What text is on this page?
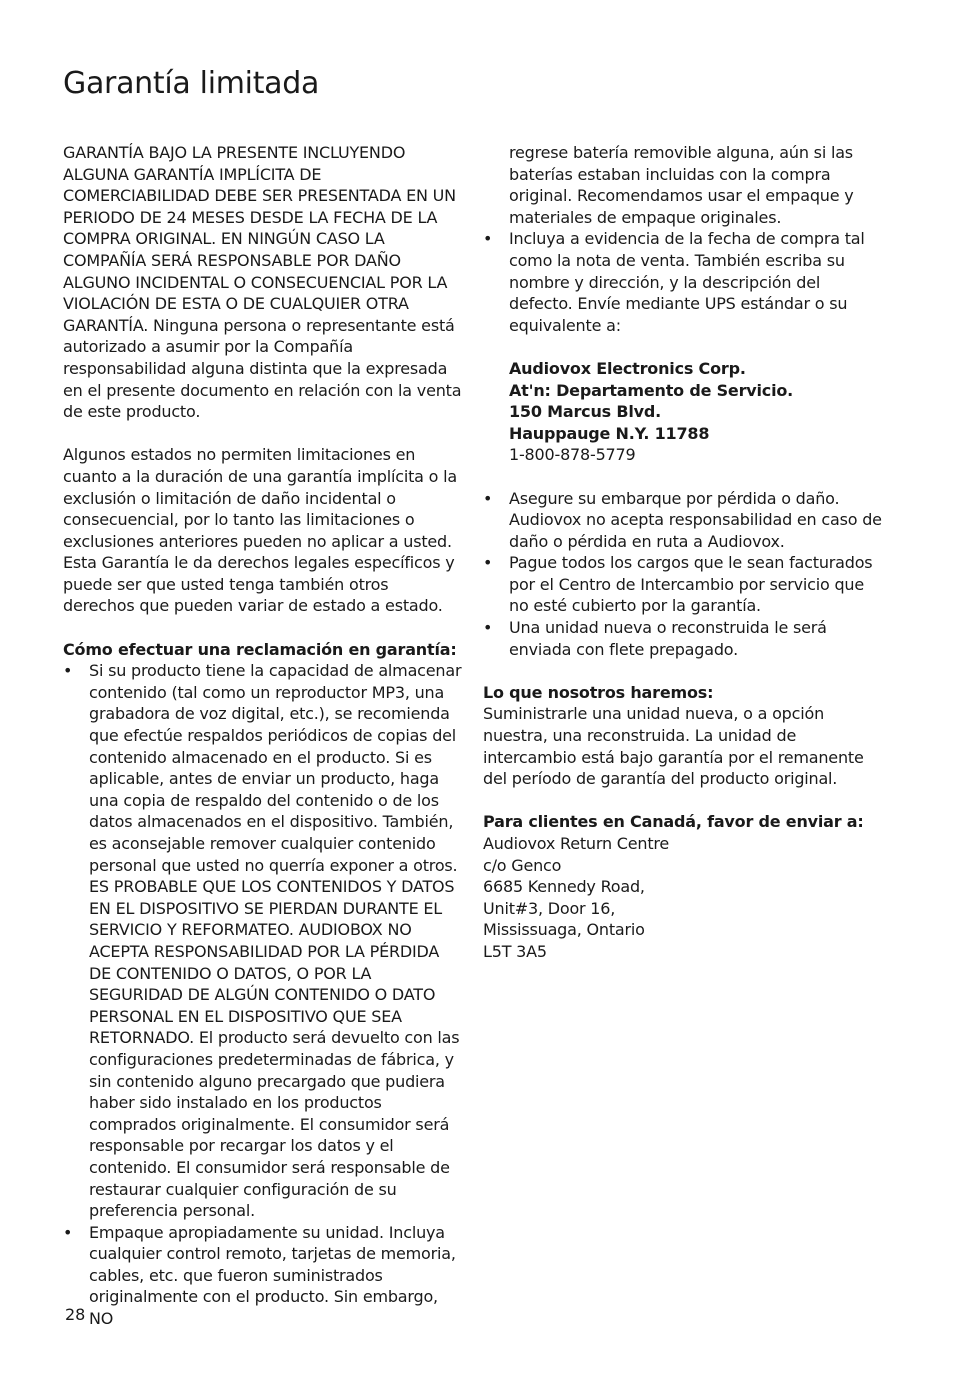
Garantía limitada

GARANTÍA BAJO LA PRESENTE INCLUYENDO ALGUNA GARANTÍA IMPLÍCITA DE COMERCIABILIDAD DEBE SER PRESENTADA EN UN PERIODO DE 24 MESES DESDE LA FECHA DE LA COMPRA ORIGINAL. EN NINGÚN CASO LA COMPAÑÍA SERÁ RESPONSABLE POR DAÑO ALGUNO INCIDENTAL O CONSECUENCIAL POR LA VIOLACIÓN DE ESTA O DE CUALQUIER OTRA GARANTÍA. Ninguna persona o representante está autorizado a asumir por la Compañía responsabilidad alguna distinta que la expresada en el presente documento en relación con la venta de este producto.

Algunos estados no permiten limitaciones en cuanto a la duración de una garantía implícita o la exclusión o limitación de daño incidental o consecuencial, por lo tanto las limitaciones o exclusiones anteriores pueden no aplicar a usted. Esta Garantía le da derechos legales específicos y puede ser que usted tenga también otros derechos que pueden variar de estado a estado.

Cómo efectuar una reclamación en garantía:

• Si su producto tiene la capacidad de almacenar contenido (tal como un reproductor MP3, una grabadora de voz digital, etc.), se recomienda que efectúe respaldos periódicos de copias del contenido almacenado en el producto. Si es aplicable, antes de enviar un producto, haga una copia de respaldo del contenido o de los datos almacenados en el dispositivo. También, es aconsejable remover cualquier contenido personal que usted no querría exponer a otros. ES PROBABLE QUE LOS CONTENIDOS Y DATOS EN EL DISPOSITIVO SE PIERDAN DURANTE EL SERVICIO Y REFORMATEO. AUDIOBOX NO ACEPTA RESPONSABILIDAD POR LA PÉRDIDA DE CONTENIDO O DATOS, O POR LA SEGURIDAD DE ALGÚN CONTENIDO O DATO PERSONAL EN EL DISPOSITIVO QUE SEA RETORNADO. El producto será devuelto con las configuraciones predeterminadas de fábrica, y sin contenido alguno precargado que pudiera haber sido instalado en los productos comprados originalmente. El consumidor será responsable por recargar los datos y el contenido. El consumidor será responsable de restaurar cualquier configuración de su preferencia personal.
• Empaque apropiadamente su unidad. Incluya cualquier control remoto, tarjetas de memoria, cables, etc. que fueron suministrados originalmente con el producto. Sin embargo, NO
regrese batería removible alguna, aún si las baterías estaban incluidas con la compra original. Recomendamos usar el empaque y materiales de empaque originales.
• Incluya a evidencia de la fecha de compra tal como la nota de venta. También escriba su nombre y dirección, y la descripción del defecto. Envíe mediante UPS estándar o su equivalente a:

Audiovox Electronics Corp.

At'n: Departamento de Servicio.

150 Marcus Blvd.

Hauppauge N.Y. 11788

1-800-878-5779

• Asegure su embarque por pérdida o daño. Audiovox no acepta responsabilidad en caso de daño o pérdida en ruta a Audiovox.
• Pague todos los cargos que le sean facturados por el Centro de Intercambio por servicio que no esté cubierto por la garantía.
• Una unidad nueva o reconstruida le será enviada con flete prepagado.

Lo que nosotros haremos:

Suministrarle una unidad nueva, o a opción nuestra, una reconstruida. La unidad de intercambio está bajo garantía por el remanente del período de garantía del producto original.

Para clientes en Canadá, favor de enviar a:

Audiovox Return Centre

c/o Genco

6685 Kennedy Road,

Unit#3, Door 16,

Mississuaga, Ontario

L5T 3A5

28
